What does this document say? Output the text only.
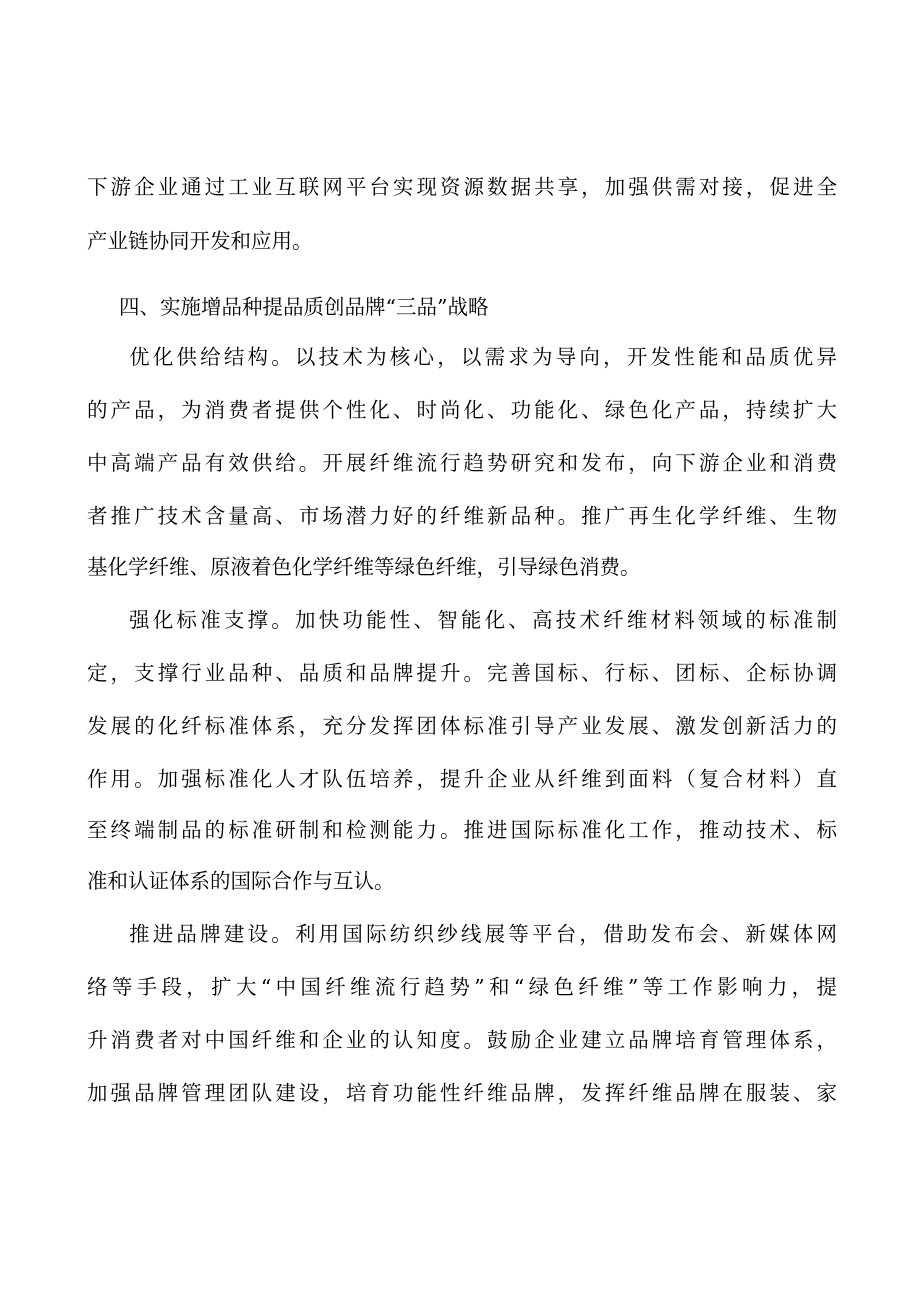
下游企业通过工业互联网平台实现资源数据共享，加强供需对接，促进全
产业链协同开发和应用。
四、实施增品种提品质创品牌“三品”战略
优化供给结构。以技术为核心，以需求为导向，开发性能和品质优异
的产品，为消费者提供个性化、时尚化、功能化、绿色化产品，持续扩大
中高端产品有效供给。开展纤维流行趋势研究和发布，向下游企业和消费
者推广技术含量高、市场潜力好的纤维新品种。推广再生化学纤维、生物
基化学纤维、原液着色化学纤维等绿色纤维，引导绿色消费。
强化标准支撑。加快功能性、智能化、高技术纤维材料领域的标准制
定，支撑行业品种、品质和品牌提升。完善国标、行标、团标、企标协调
发展的化纤标准体系，充分发挥团体标准引导产业发展、激发创新活力的
作用。加强标准化人才队伍培养，提升企业从纤维到面料（复合材料）直
至终端制品的标准研制和检测能力。推进国际标准化工作，推动技术、标
准和认证体系的国际合作与互认。
推进品牌建设。利用国际纺织纱线展等平台，借助发布会、新媒体网
络等手段，扩大“中国纤维流行趋势”和“绿色纤维”等工作影响力，提
升消费者对中国纤维和企业的认知度。鼓励企业建立品牌培育管理体系，
加强品牌管理团队建设，培育功能性纤维品牌，发挥纤维品牌在服装、家
